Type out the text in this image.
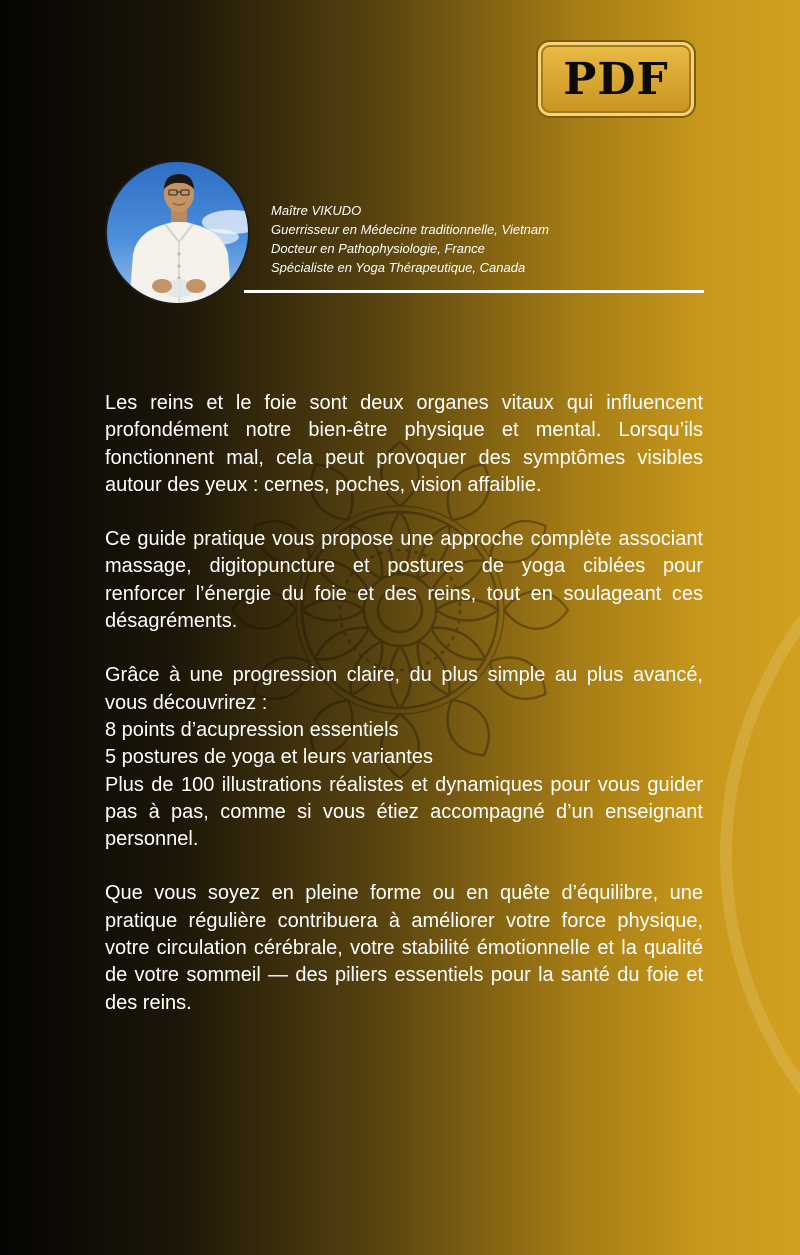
PDF
Maître VIKUDO
Guerrisseur en Médecine traditionnelle, Vietnam
Docteur en Pathophysiologie, France
Spécialiste en Yoga Thérapeutique, Canada

Les reins et le foie sont deux organes vitaux qui influencent profondément notre bien-être physique et mental. Lorsqu’ils fonctionnent mal, cela peut provoquer des symptômes visibles autour des yeux : cernes, poches, vision affaiblie.

Ce guide pratique vous propose une approche complète associant massage, digitopuncture et postures de yoga ciblées pour renforcer l’énergie du foie et des reins, tout en soulageant ces désagréments.

Grâce à une progression claire, du plus simple au plus avancé, vous découvrirez :
8 points d’acupression essentiels
5 postures de yoga et leurs variantes
Plus de 100 illustrations réalistes et dynamiques pour vous guider pas à pas, comme si vous étiez accompagné d’un enseignant personnel.

Que vous soyez en pleine forme ou en quête d’équilibre, une pratique régulière contribuera à améliorer votre force physique, votre circulation cérébrale, votre stabilité émotionnelle et la qualité de votre sommeil — des piliers essentiels pour la santé du foie et des reins.
